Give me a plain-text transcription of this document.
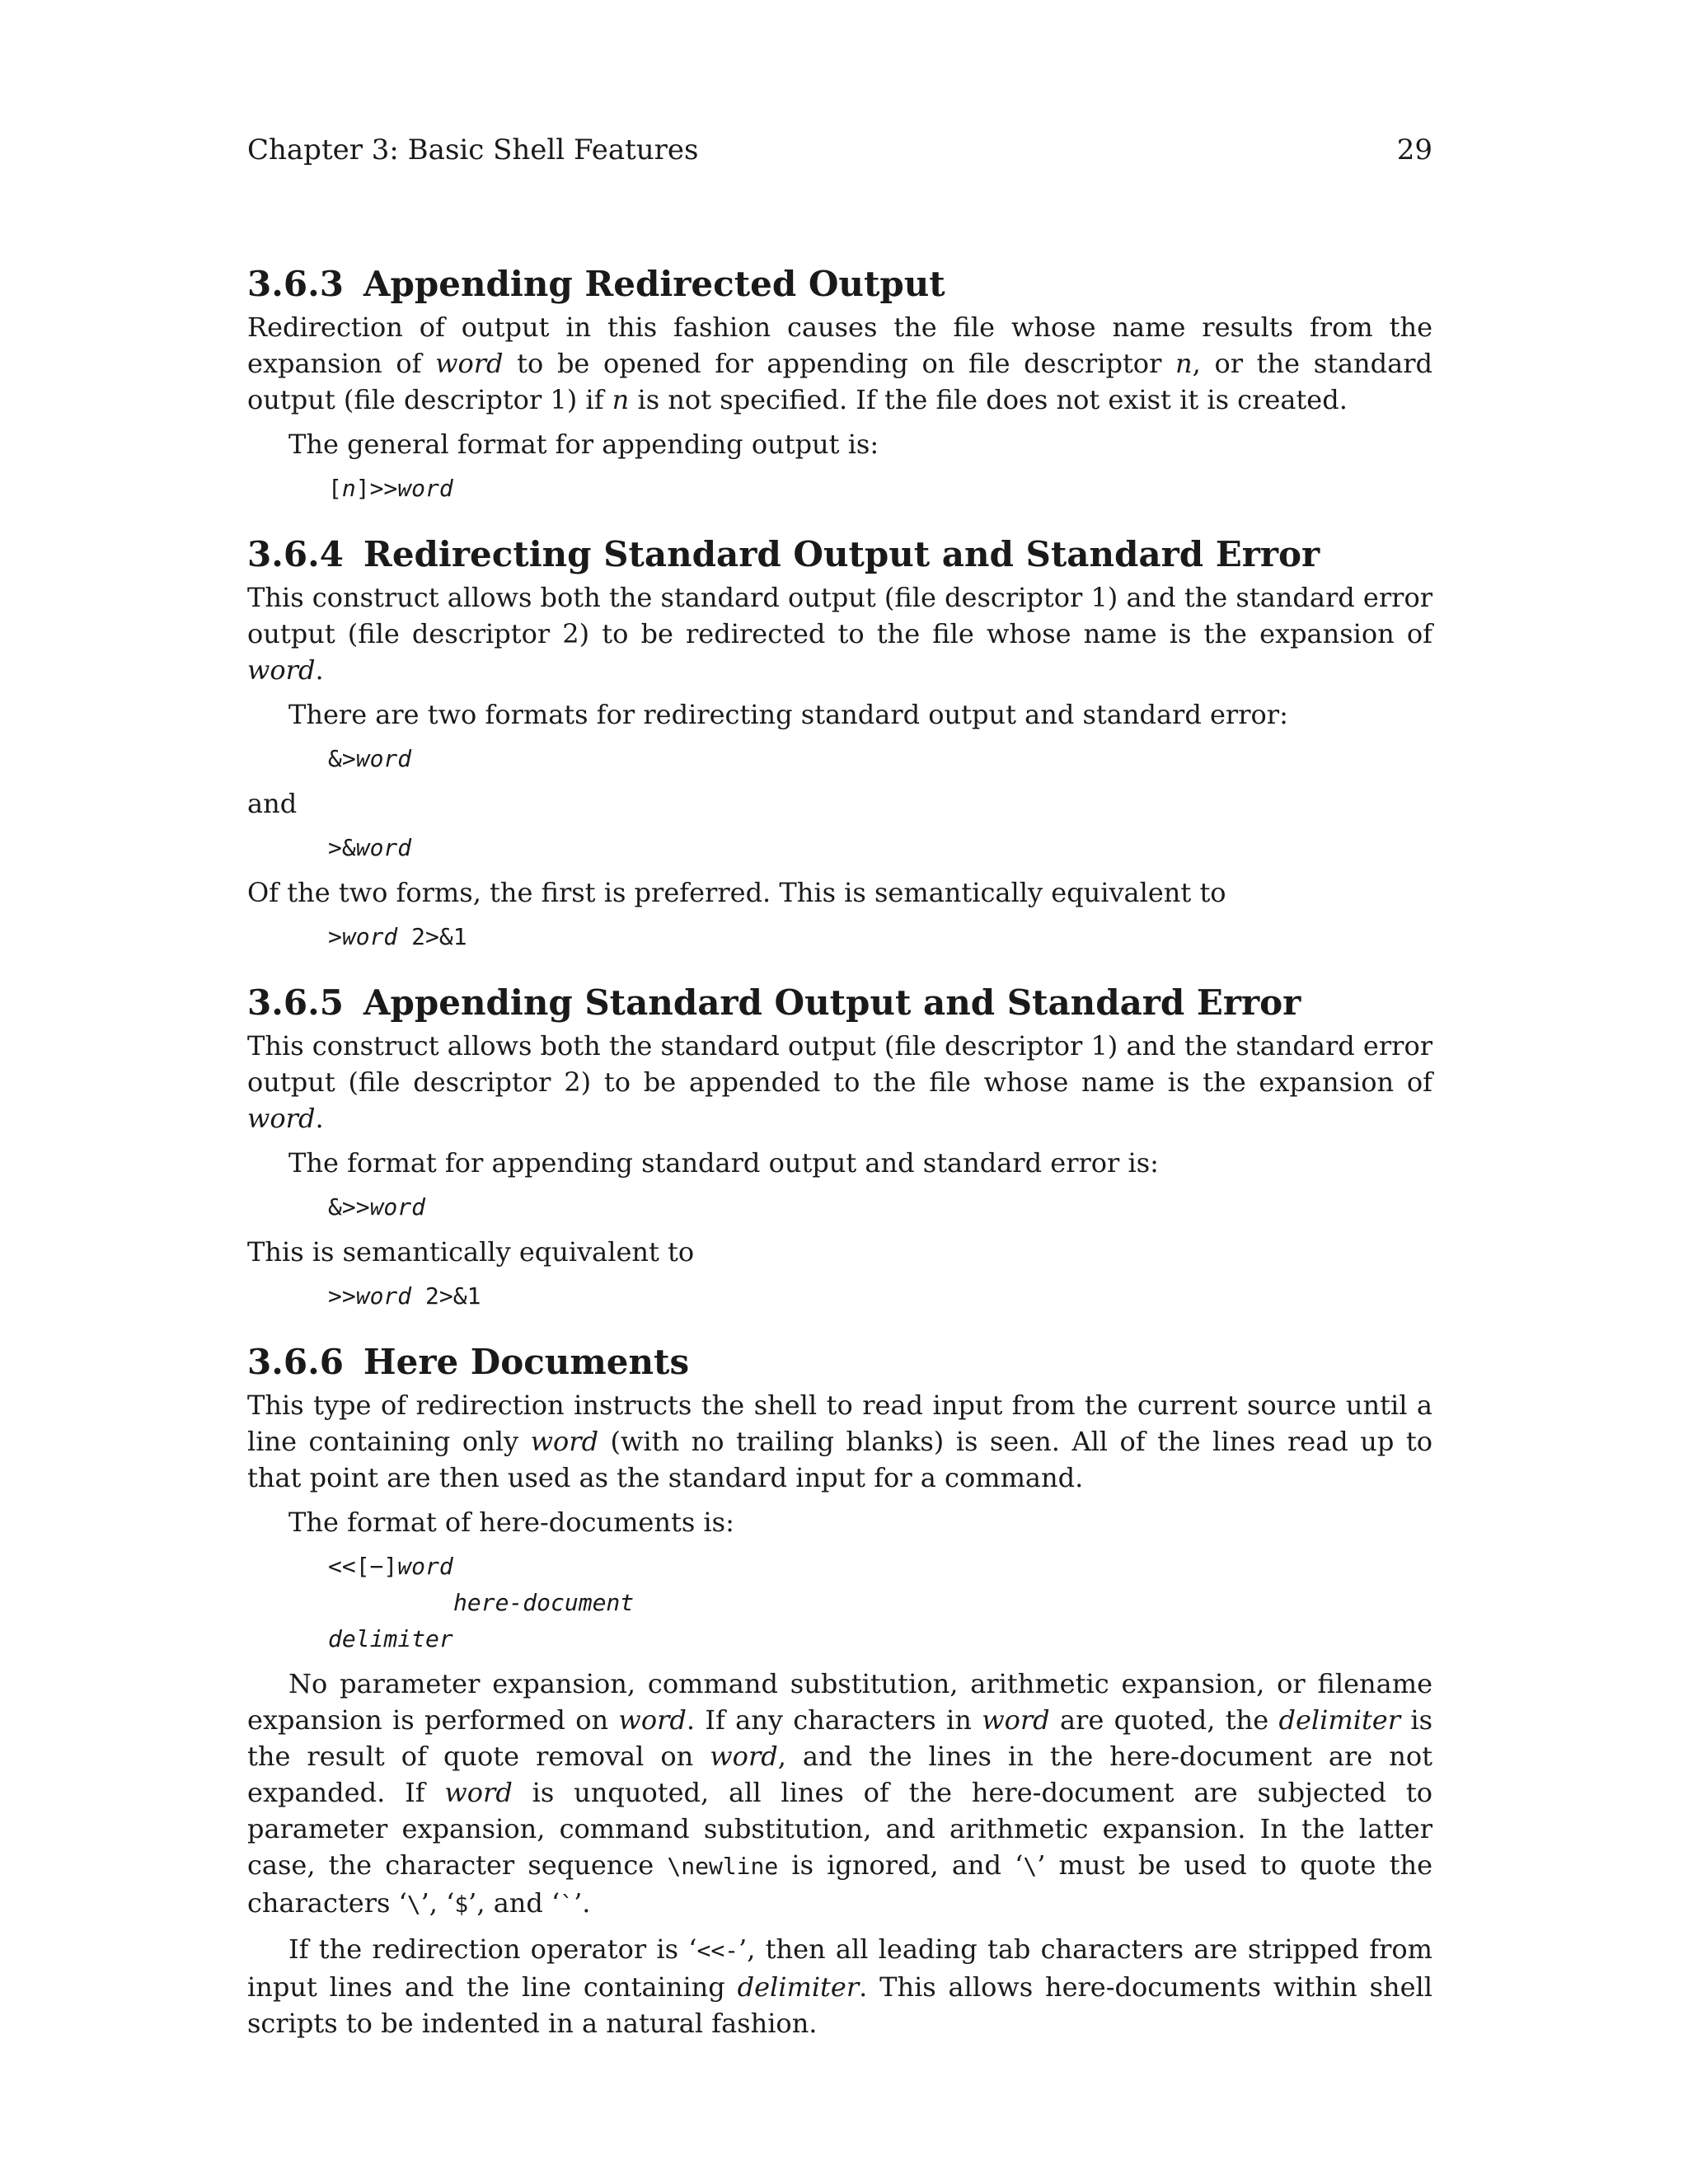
Chapter 3: Basic Shell Features	29
3.6.3 Appending Redirected Output

Redirection of output in this fashion causes the file whose name results from the expansion of word to be opened for appending on file descriptor n, or the standard output (file descriptor 1) if n is not specified. If the file does not exist it is created.

The general format for appending output is:

[n]>>word
3.6.4 Redirecting Standard Output and Standard Error

This construct allows both the standard output (file descriptor 1) and the standard error output (file descriptor 2) to be redirected to the file whose name is the expansion of word.

There are two formats for redirecting standard output and standard error:

&>word

and

>&word

Of the two forms, the first is preferred. This is semantically equivalent to

>word 2>&1
3.6.5 Appending Standard Output and Standard Error

This construct allows both the standard output (file descriptor 1) and the standard error output (file descriptor 2) to be appended to the file whose name is the expansion of word.

The format for appending standard output and standard error is:

&>>word

This is semantically equivalent to

>>word 2>&1
3.6.6 Here Documents

This type of redirection instructs the shell to read input from the current source until a line containing only word (with no trailing blanks) is seen. All of the lines read up to that point are then used as the standard input for a command.

The format of here-documents is:

<<[−]word
here-document
delimiter

No parameter expansion, command substitution, arithmetic expansion, or filename expansion is performed on word. If any characters in word are quoted, the delimiter is the result of quote removal on word, and the lines in the here-document are not expanded. If word is unquoted, all lines of the here-document are subjected to parameter expansion, command substitution, and arithmetic expansion. In the latter case, the character sequence \newline is ignored, and ‘\’ must be used to quote the characters ‘\’, ‘$’, and ‘`’.

If the redirection operator is ‘<<-’, then all leading tab characters are stripped from input lines and the line containing delimiter. This allows here-documents within shell scripts to be indented in a natural fashion.
